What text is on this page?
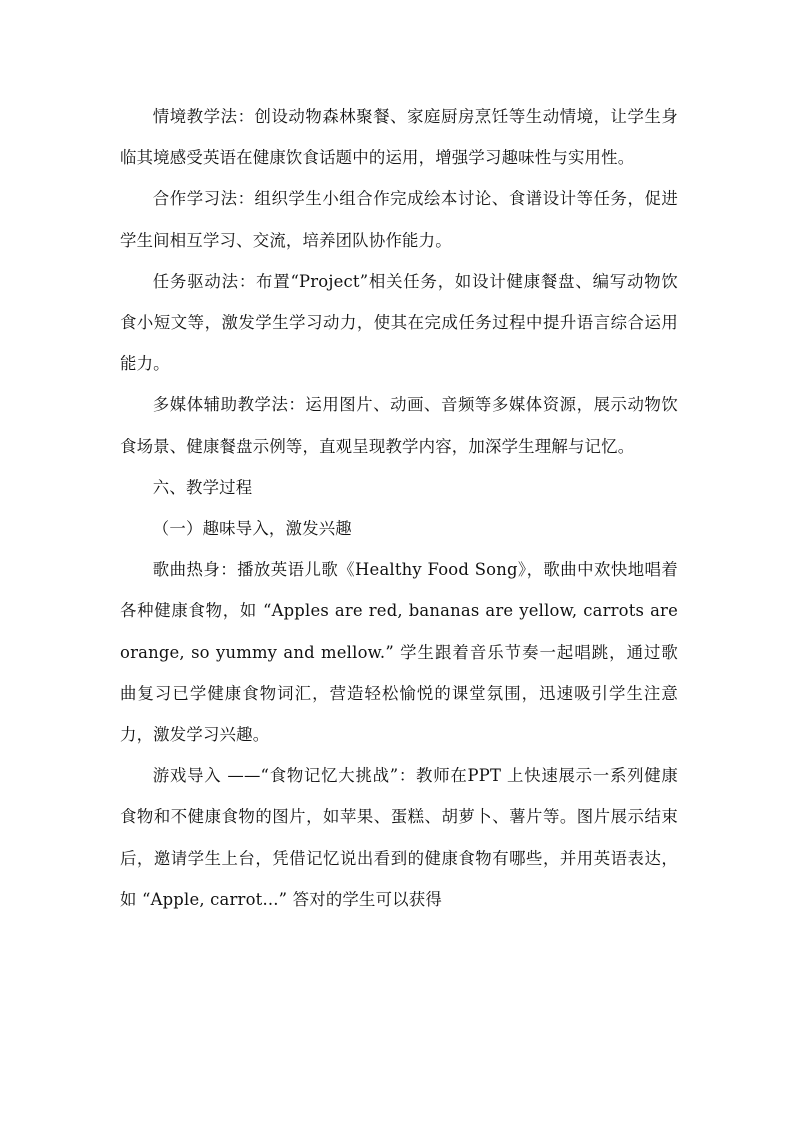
情境教学法：创设动物森林聚餐、家庭厨房烹饪等生动情境，让学生身临其境感受英语在健康饮食话题中的运用，增强学习趣味性与实用性。

合作学习法：组织学生小组合作完成绘本讨论、食谱设计等任务，促进学生间相互学习、交流，培养团队协作能力。

任务驱动法：布置“Project”相关任务，如设计健康餐盘、编写动物饮食小短文等，激发学生学习动力，使其在完成任务过程中提升语言综合运用能力。

多媒体辅助教学法：运用图片、动画、音频等多媒体资源，展示动物饮食场景、健康餐盘示例等，直观呈现教学内容，加深学生理解与记忆。

六、教学过程

（一）趣味导入，激发兴趣

歌曲热身：播放英语儿歌《Healthy Food Song》，歌曲中欢快地唱着各种健康食物，如 “Apples are red, bananas are yellow, carrots are orange, so yummy and mellow.” 学生跟着音乐节奏一起唱跳，通过歌曲复习已学健康食物词汇，营造轻松愉悦的课堂氛围，迅速吸引学生注意力，激发学习兴趣。

游戏导入 ——“食物记忆大挑战”：教师在PPT 上快速展示一系列健康食物和不健康食物的图片，如苹果、蛋糕、胡萝卜、薯片等。图片展示结束后，邀请学生上台，凭借记忆说出看到的健康食物有哪些，并用英语表达，如 “Apple, carrot...” 答对的学生可以获得
